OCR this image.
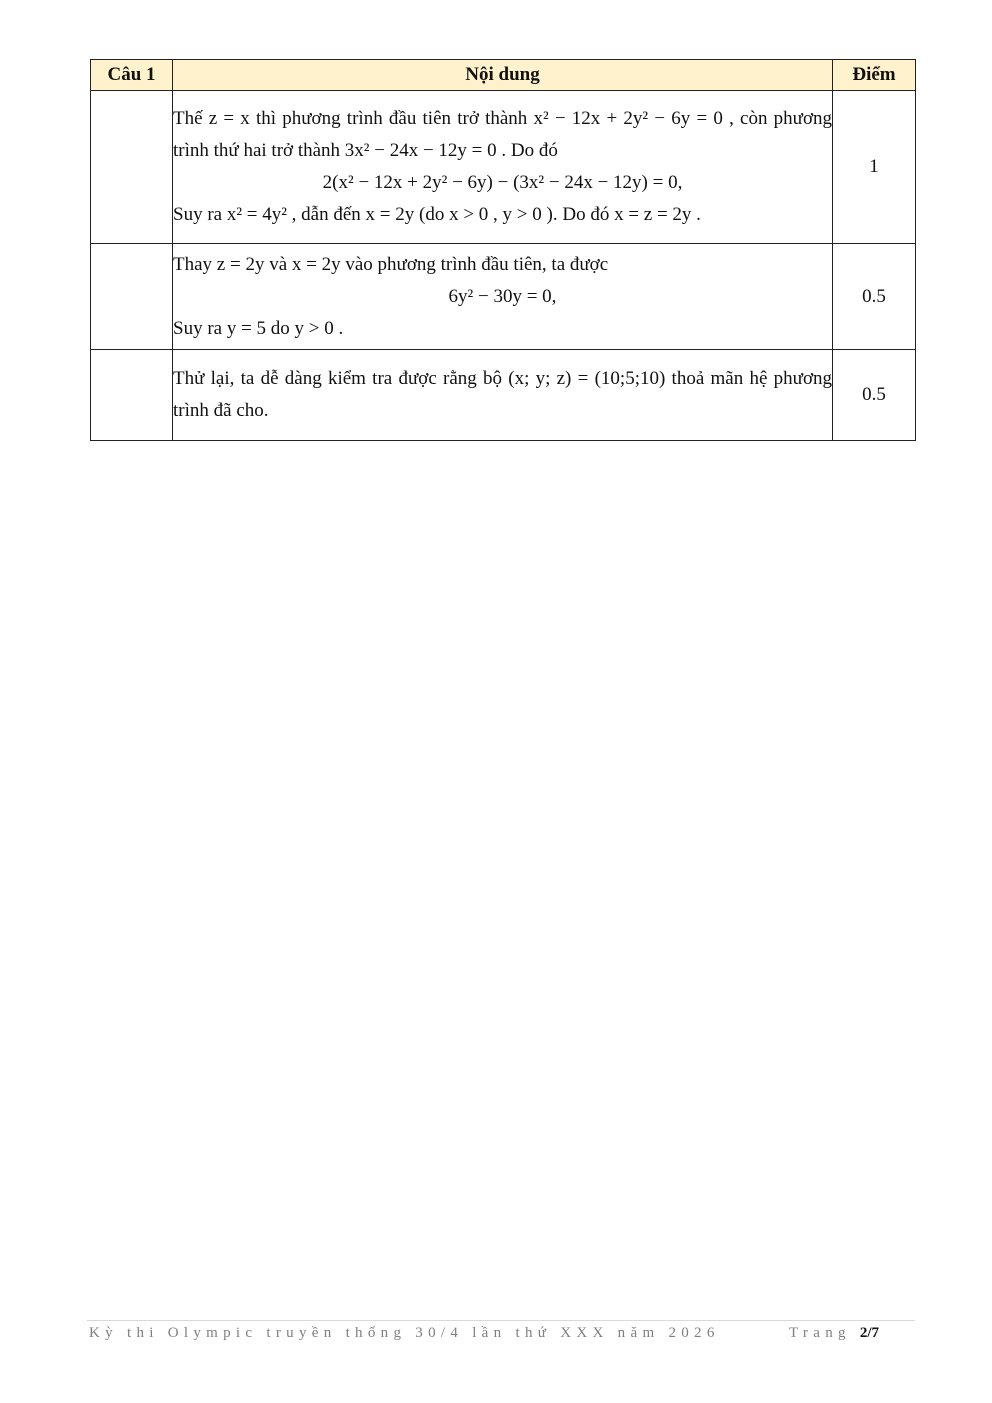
Câu 1	Nội dung	Điểm

	Thế z = x thì phương trình đầu tiên trở thành x² − 12x + 2y² − 6y = 0 , còn phương trình thứ hai trở thành 3x² − 24x − 12y = 0 . Do đó
2(x² − 12x + 2y² − 6y) − (3x² − 24x − 12y) = 0,
Suy ra x² = 4y² , dẫn đến x = 2y (do x > 0 , y > 0 ). Do đó x = z = 2y .	1

	Thay z = 2y và x = 2y vào phương trình đầu tiên, ta được
6y² − 30y = 0,
Suy ra y = 5 do y > 0 .	0.5

	Thử lại, ta dễ dàng kiểm tra được rằng bộ (x; y; z) = (10;5;10) thoả mãn hệ phương trình đã cho.	0.5
Kỳ thi Olympic truyền thống 30/4 lần thứ XXX năm 2026	Trang 2/7
